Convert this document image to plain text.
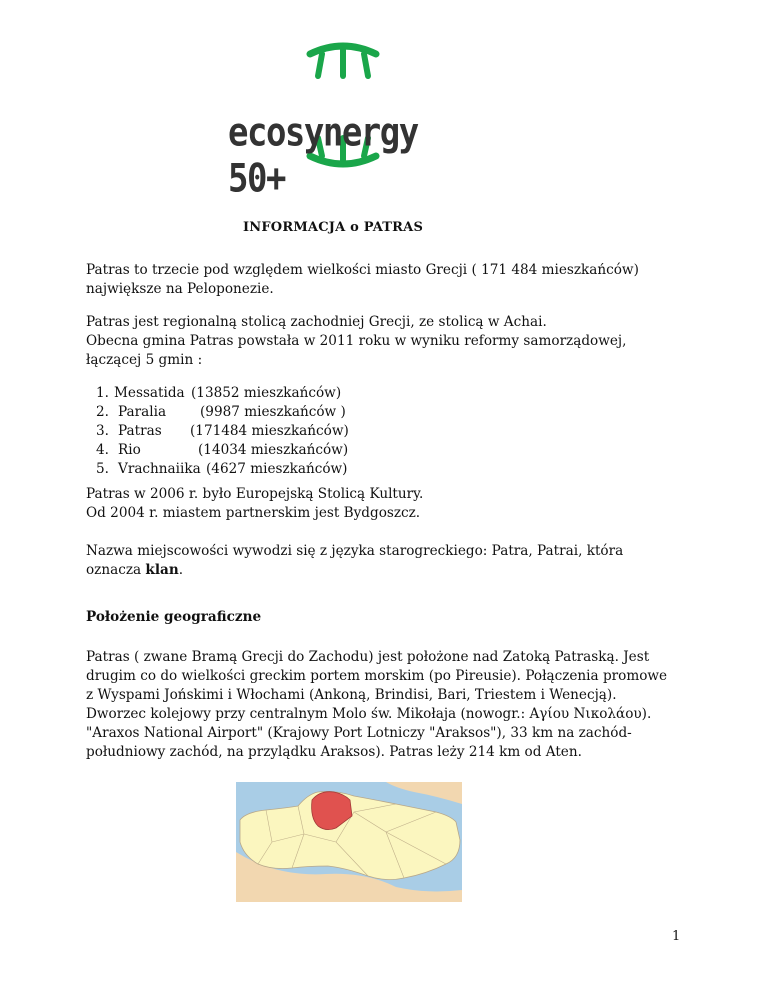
ecosynergy 50+
INFORMACJA o PATRAS
Patras to trzecie pod względem wielkości miasto Grecji ( 171 484 mieszkańców)
największe na Peloponezie.
Patras jest regionalną stolicą zachodniej Grecji, ze stolicą w Achai.
Obecna gmina Patras powstała w 2011 roku w wyniku reformy samorządowej,
łączącej 5 gmin :
1. Messatida (13852 mieszkańców)
2. Paralia (9987 mieszkańców )
3. Patras (171484 mieszkańców)
4. Rio	(14034 mieszkańców)
5. Vrachnaiika (4627 mieszkańców)
Patras w 2006 r. było Europejską Stolicą Kultury.
Od 2004 r. miastem partnerskim jest Bydgoszcz.
Nazwa miejscowości wywodzi się z języka starogreckiego: Patra, Patrai, która
oznacza klan.
Położenie geograficzne
Patras ( zwane Bramą Grecji do Zachodu) jest położone nad Zatoką Patraską. Jest
drugim co do wielkości greckim portem morskim (po Pireusie). Połączenia promowe
z Wyspami Jońskimi i Włochami (Ankoną, Brindisi, Bari, Triestem i Wenecją).
Dworzec kolejowy przy centralnym Molo św. Mikołaja (nowogr.: Αγίου Νικολάου).
"Araxos National Airport" (Krajowy Port Lotniczy "Araksos"), 33 km na zachód-
południowy zachód, na przylądku Araksos). Patras leży 214 km od Aten.
1
